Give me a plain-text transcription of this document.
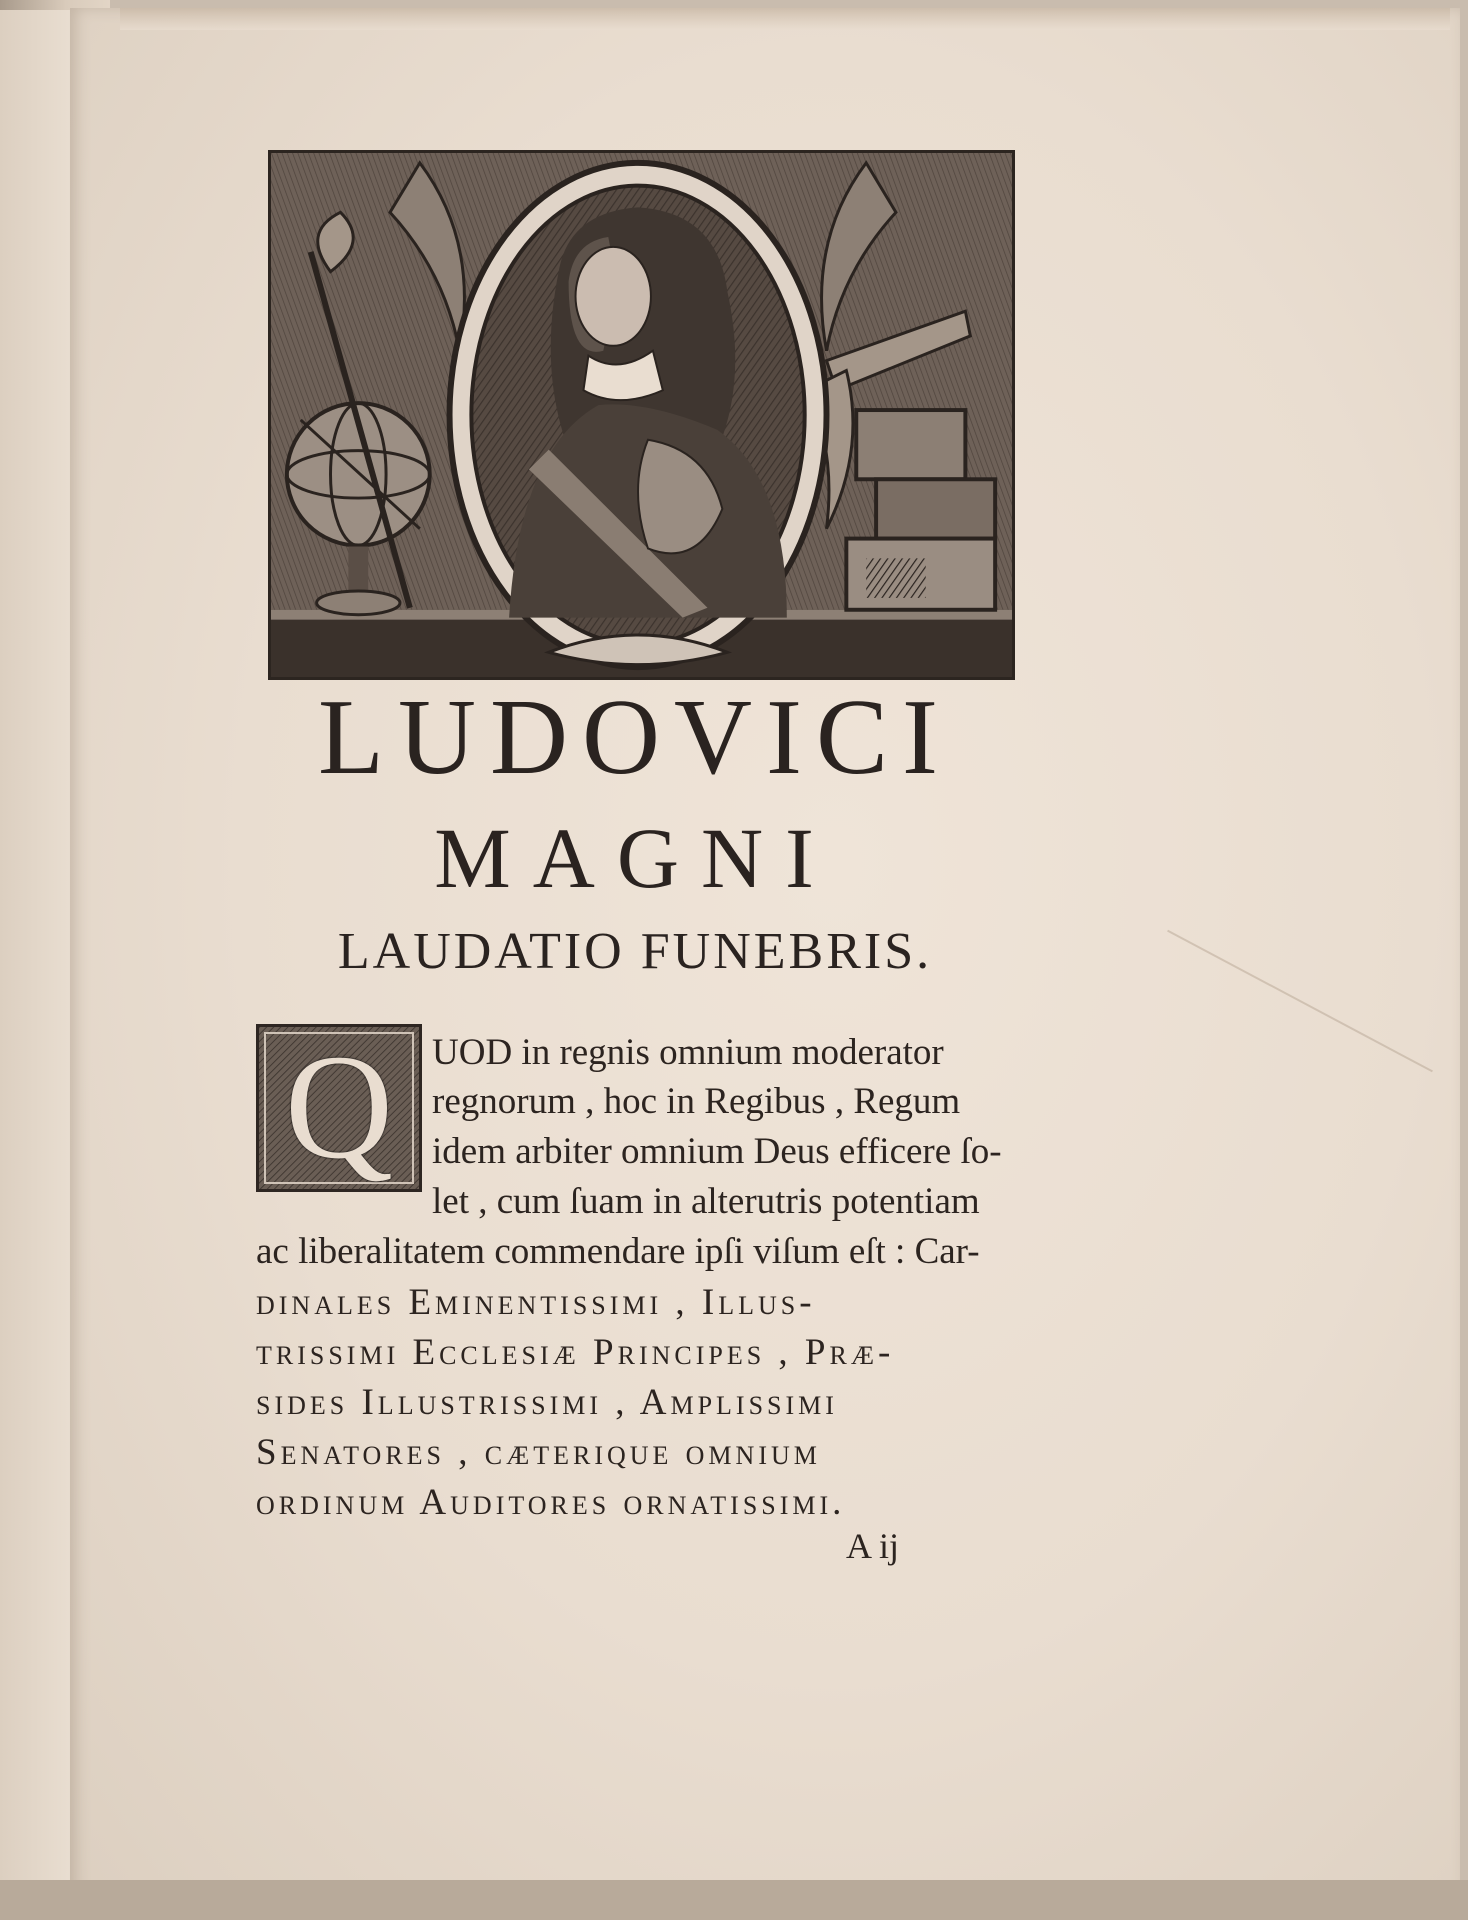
LUDOVICI
MAGNI
LAUDATIO FUNEBRIS.
Q	UOD in regnis omnium moderator
regnorum , hoc in Regibus , Regum
idem arbiter omnium Deus efficere ſo-
let , cum ſuam in alterutris potentiam
ac liberalitatem commendare ipſi viſum eſt : Car-
dinales Eminentissimi , Illus-
trissimi Ecclesiæ Principes , Præ-
sides Illustrissimi , Amplissimi
Senatores , cæterique omnium
ordinum Auditores ornatissimi.
A ij
